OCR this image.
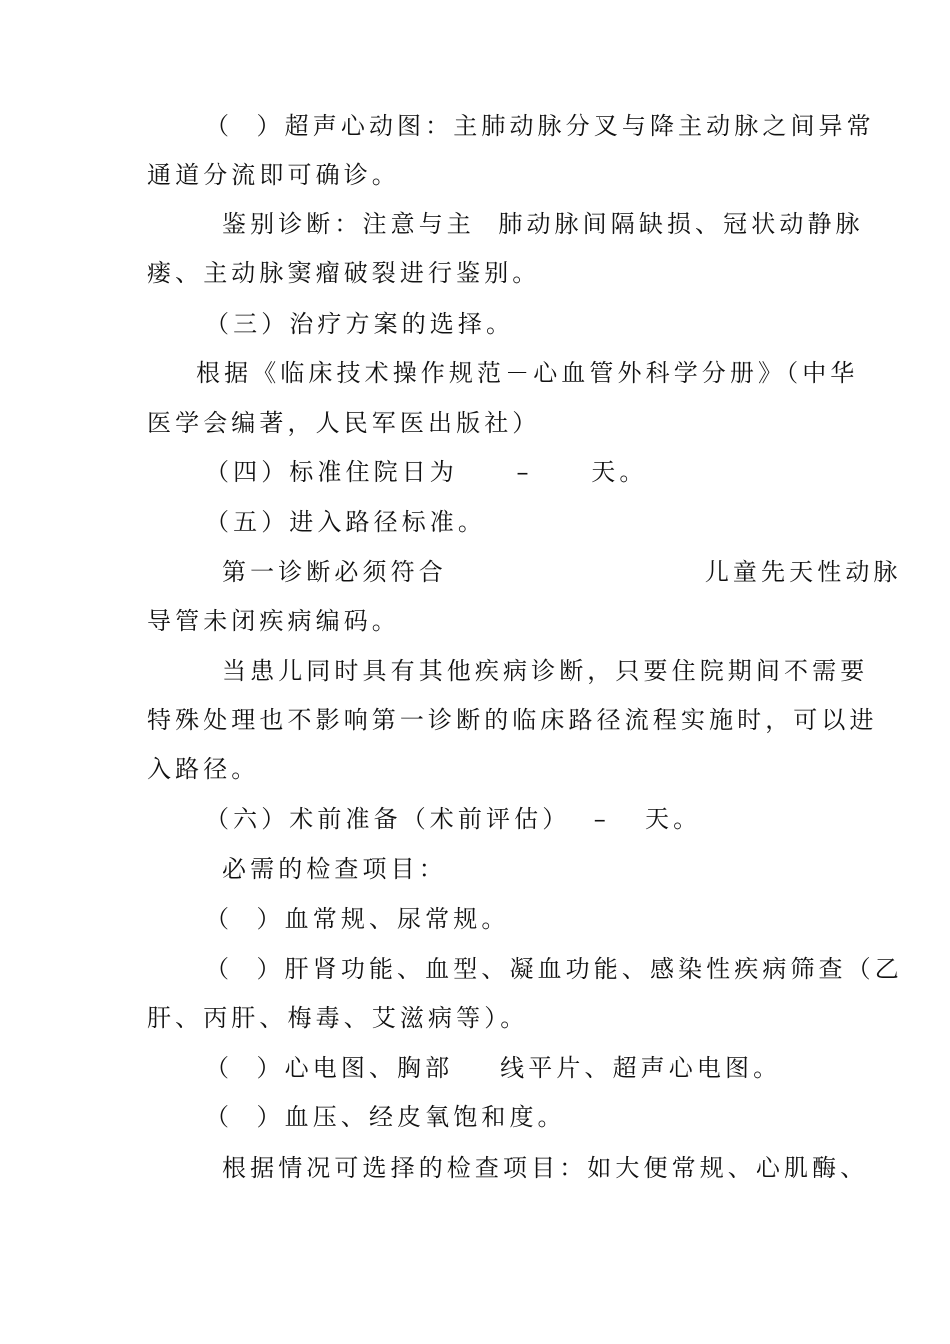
（  ）超声心动图：主肺动脉分叉与降主动脉之间异常
通道分流即可确诊。
鉴别诊断：注意与主  肺动脉间隔缺损、冠状动静脉
瘘、主动脉窦瘤破裂进行鉴别。
（三）治疗方案的选择。
根据《临床技术操作规范－心血管外科学分册》（中华
医学会编著，人民军医出版社）
（四）标准住院日为     –     天。
（五）进入路径标准。
第一诊断必须符合                      儿童先天性动脉
导管未闭疾病编码。
当患儿同时具有其他疾病诊断，只要住院期间不需要
特殊处理也不影响第一诊断的临床路径流程实施时，可以进
入路径。
（六）术前准备（术前评估）  –   天。
必需的检查项目：
（  ）血常规、尿常规。
（  ）肝肾功能、血型、凝血功能、感染性疾病筛查（乙
肝、丙肝、梅毒、艾滋病等）。
（  ）心电图、胸部    线平片、超声心电图。
（  ）血压、经皮氧饱和度。
根据情况可选择的检查项目：如大便常规、心肌酶、
